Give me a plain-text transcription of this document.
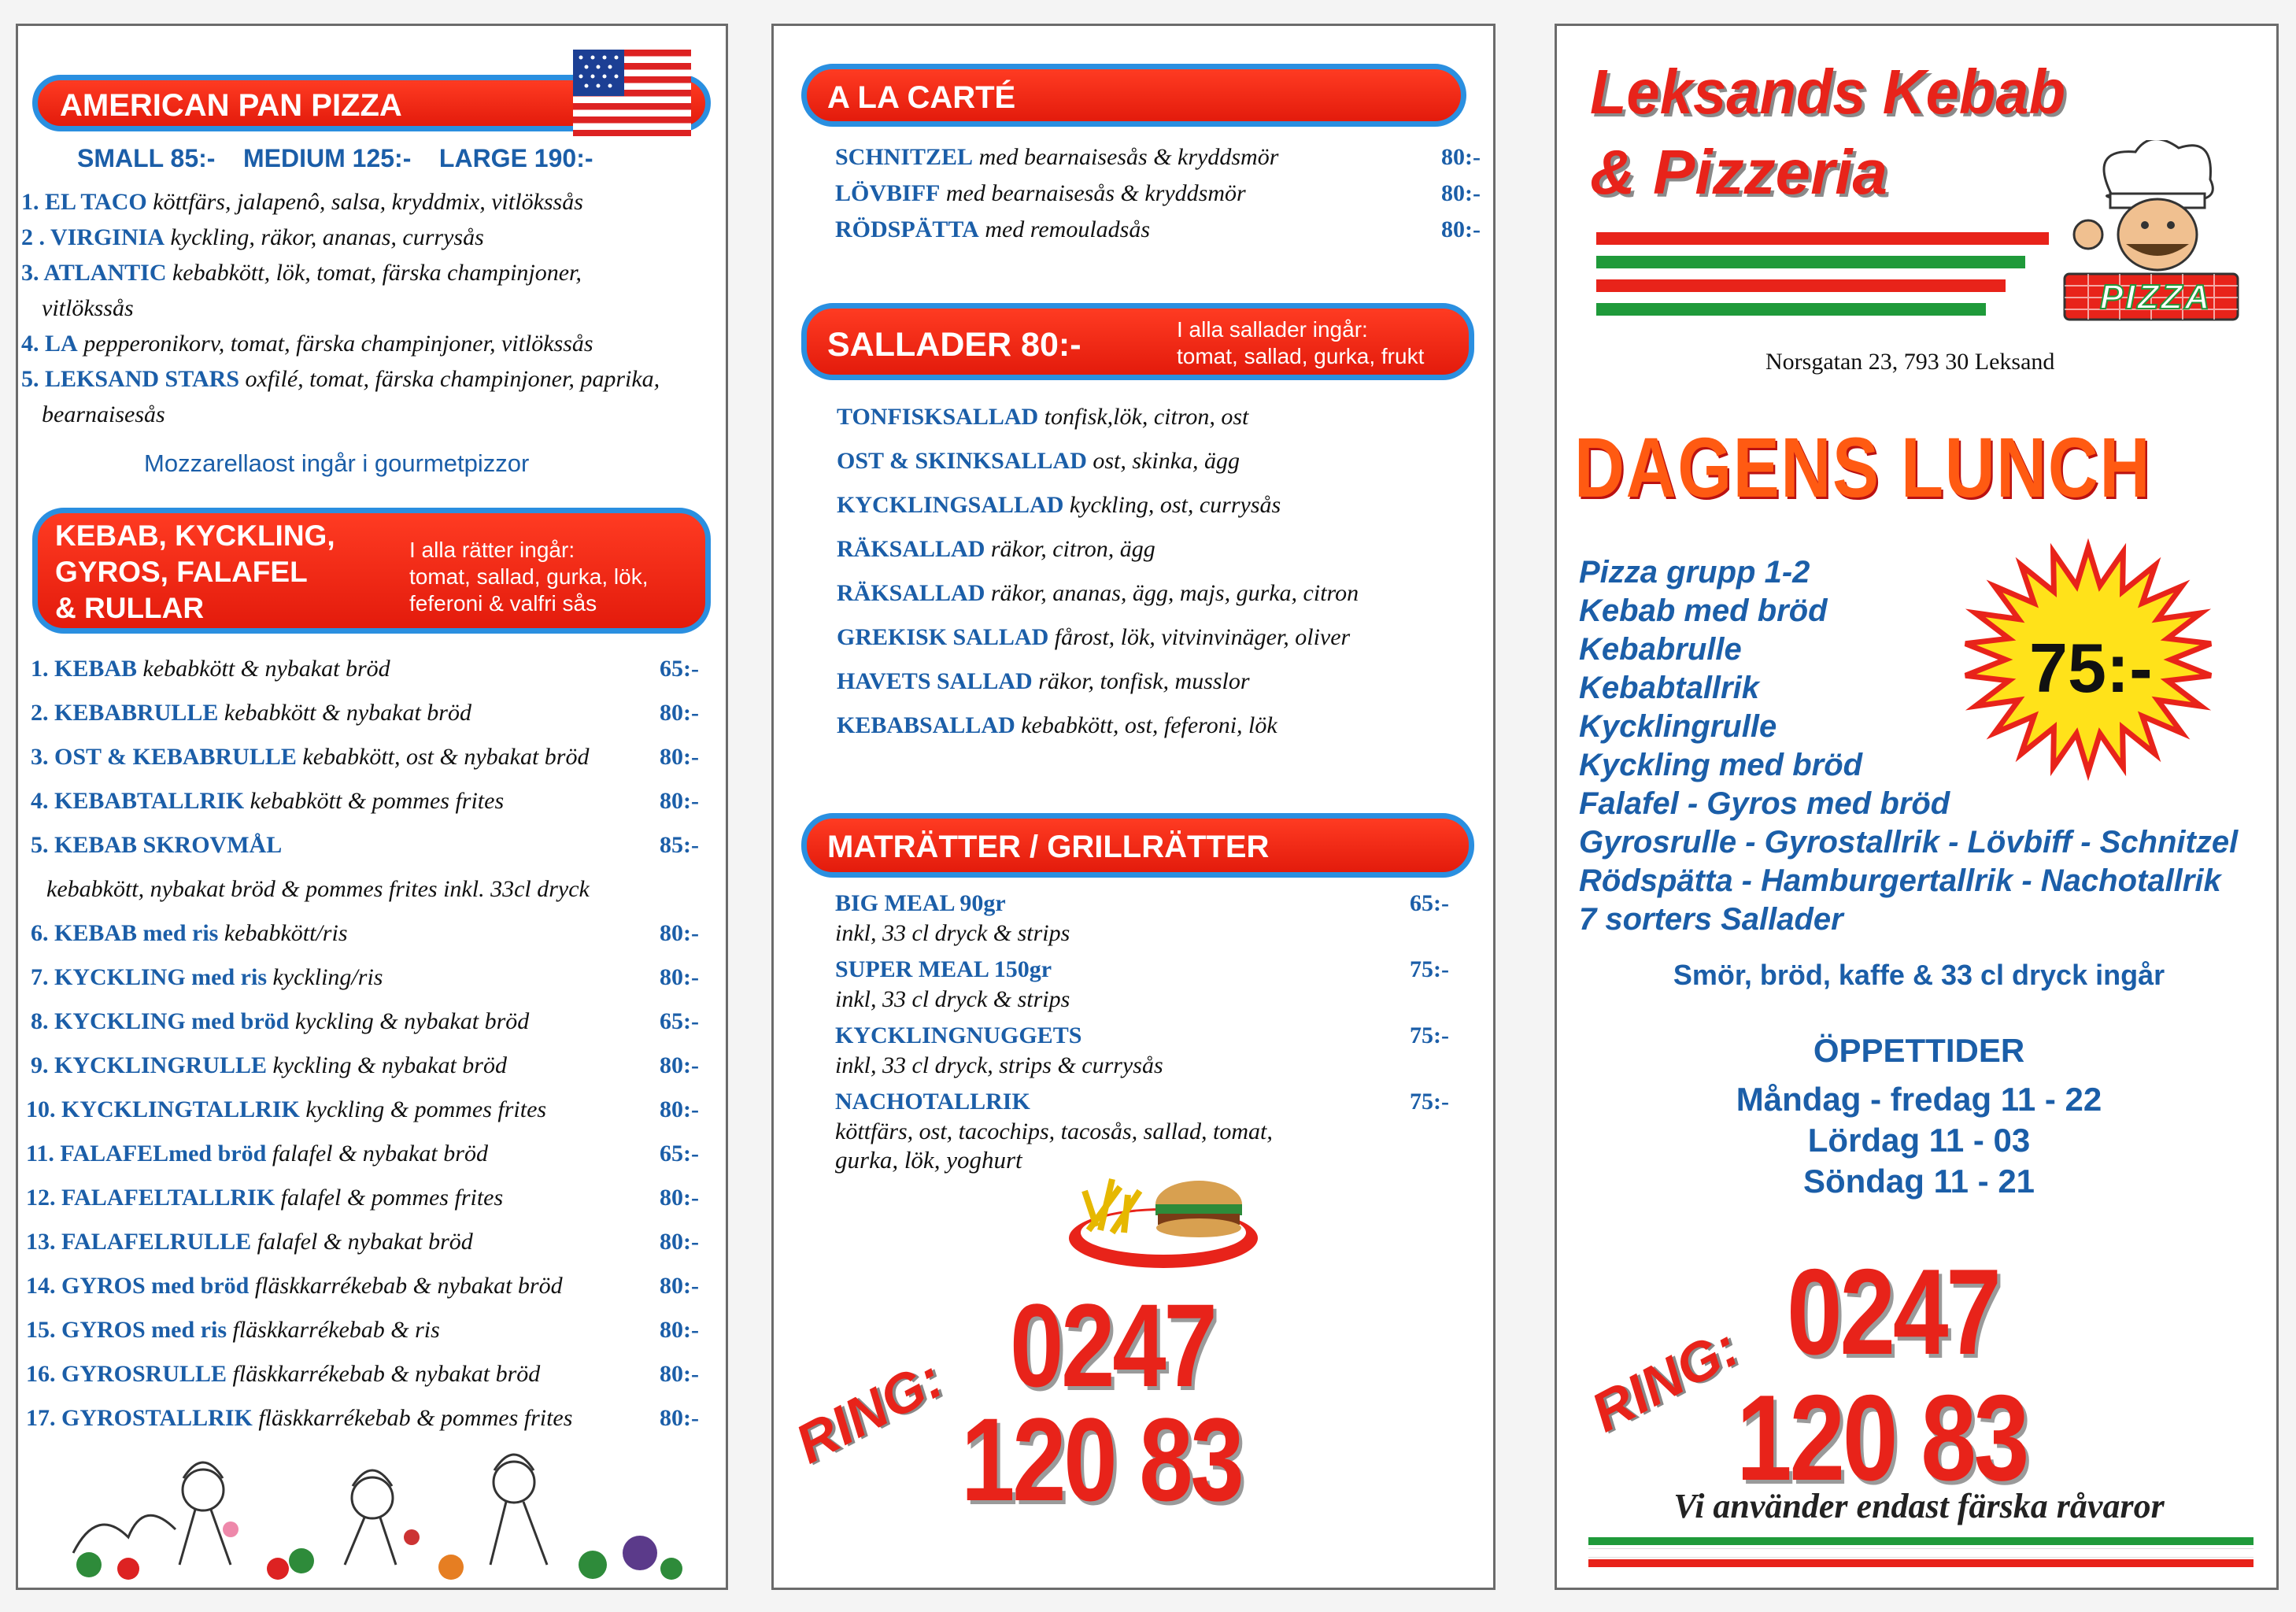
AMERICAN PAN PIZZA
SMALL 85:-    MEDIUM 125:-    LARGE 190:-
1. EL TACO köttfärs, jalapenô, salsa, kryddmix, vitlökssås
2 . VIRGINIA kyckling, räkor, ananas, currysås
3. ATLANTIC kebabkött, lök, tomat, färska champinjoner,
vitlökssås
4. LA pepperonikorv, tomat, färska champinjoner, vitlökssås
5. LEKSAND STARS oxfilé, tomat, färska champinjoner, paprika,
bearnaisesås
Mozzarellaost ingår i gourmetpizzor
KEBAB, KYCKLING,
GYROS, FALAFEL
& RULLAR
I alla rätter ingår:
tomat, sallad, gurka, lök,
feferoni & valfri sås
1. KEBAB kebabkött & nybakat bröd	65:-
2. KEBABRULLE kebabkött & nybakat bröd	80:-
3. OST & KEBABRULLE kebabkött, ost & nybakat bröd	80:-
4. KEBABTALLRIK kebabkött & pommes frites	80:-
5. KEBAB SKROVMÅL	85:-
kebabkött, nybakat bröd & pommes frites inkl. 33cl dryck
6. KEBAB med ris kebabkött/ris	80:-
7. KYCKLING med ris kyckling/ris	80:-
8. KYCKLING med bröd kyckling & nybakat bröd	65:-
9. KYCKLINGRULLE kyckling & nybakat bröd	80:-
10. KYCKLINGTALLRIK kyckling & pommes frites	80:-
11. FALAFELmed bröd falafel & nybakat bröd	65:-
12. FALAFELTALLRIK falafel & pommes frites	80:-
13. FALAFELRULLE falafel & nybakat bröd	80:-
14. GYROS med bröd fläskkarrékebab & nybakat bröd	80:-
15. GYROS med ris fläskkarrékebab & ris	80:-
16. GYROSRULLE fläskkarrékebab & nybakat bröd	80:-
17. GYROSTALLRIK fläskkarrékebab & pommes frites	80:-
A LA CARTÉ
SCHNITZEL med bearnaisesås & kryddsmör	80:-
LÖVBIFF med bearnaisesås & kryddsmör	80:-
RÖDSPÄTTA med remouladsås	80:-
SALLADER 80:-	I alla sallader ingår:
tomat, sallad, gurka, frukt
TONFISKSALLAD tonfisk,lök, citron, ost
OST & SKINKSALLAD ost, skinka, ägg
KYCKLINGSALLAD kyckling, ost, currysås
RÄKSALLAD räkor, citron, ägg
RÄKSALLAD räkor, ananas, ägg, majs, gurka, citron
GREKISK SALLAD fårost, lök, vitvinvinäger, oliver
HAVETS SALLAD räkor, tonfisk, musslor
KEBABSALLAD kebabkött, ost, feferoni, lök
MATRÄTTER / GRILLRÄTTER
BIG MEAL 90gr	65:-
inkl, 33 cl dryck & strips
SUPER MEAL 150gr	75:-
inkl, 33 cl dryck & strips
KYCKLINGNUGGETS	75:-
inkl, 33 cl dryck, strips & currysås
NACHOTALLRIK	75:-
köttfärs, ost, tacochips, tacosås, sallad, tomat,
gurka, lök, yoghurt
RING: 0247
120 83
Leksands Kebab
& Pizzeria
PIZZA
Norsgatan 23, 793 30 Leksand
DAGENS LUNCH
Pizza grupp 1-2
Kebab med bröd
Kebabrulle
Kebabtallrik
Kycklingrulle
Kyckling med bröd
Falafel - Gyros med bröd
Gyrosrulle - Gyrostallrik - Lövbiff - Schnitzel
Rödspätta - Hamburgertallrik - Nachotallrik
7 sorters Sallader
75:-
Smör, bröd, kaffe & 33 cl dryck ingår
ÖPPETTIDER
Måndag - fredag 11 - 22
Lördag 11 - 03
Söndag 11 - 21
RING: 0247
120 83
Vi använder endast färska råvaror
